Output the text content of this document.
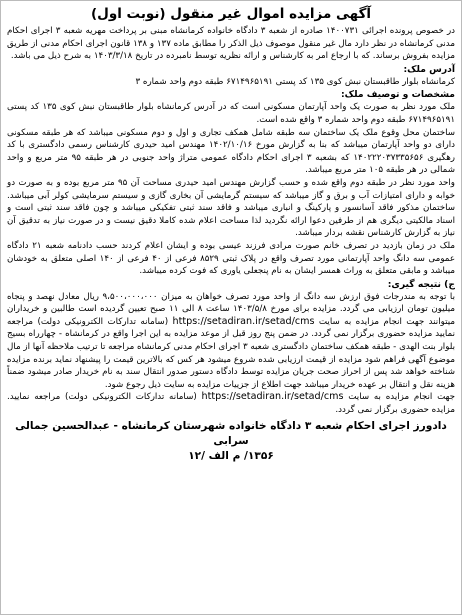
آگهی مزایده اموال غیر منقول (نوبت اول)

در خصوص پرونده اجرائی ۱۴۰۰۷۳۱ صادره از شعبه ۳ دادگاه خانواده کرمانشاه مبنی بر پرداخت مهریه شعبه ۳ اجرای احکام مدنی کرمانشاه در نظر دارد مال غیر منقول موصوف ذیل الذکر را مطابق ماده ۱۳۷ و ۱۳۸ قانون اجرای احکام مدنی از طریق مزایده بفروش برساند. که با ارجاع امر به کارشناس و ارائه نظریه توسط نامبرده در تاریخ ۱۴۰۳/۳/۱۸ به شرح ذیل می باشد.

آدرس ملک:

کرمانشاه بلوار طاقبستان نبش کوی ۱۳۵ کد پستی ۶۷۱۴۹۶۵۱۹۱ طبقه دوم واحد شماره ۳

مشخصات و توصیف ملک:

ملک مورد نظر به صورت یک واحد آپارتمان مسکونی است که در آدرس کرمانشاه بلوار طاقبستان نبش کوی ۱۳۵ کد پستی ۶۷۱۴۹۶۵۱۹۱ طبقه دوم واحد شماره ۳ واقع شده است.

ساختمان محل وقوع ملک یک ساختمان سه طبقه شامل همکف تجاری و اول و دوم مسکونی میباشد که هر طبقه مسکونی دارای دو واحد آپارتمان میباشد که بنا به گزارش مورخ ۱۴۰۲/۱۰/۱۶ مهندس امید حیدری کارشناس رسمی دادگستری با کد رهگیری ۱۴۰۲۲۲۰۳۷۳۳۵۶۵۶ که بشعبه ۳ اجرای احکام دادگاه عمومی متراژ واحد جنوبی در هر طبقه ۹۵ متر مربع و واحد شمالی در هر طبقه ۱۰۵ متر مربع میباشد.

واحد مورد نظر در طبقه دوم واقع شده و حسب گزارش مهندس امید حیدری مساحت آن ۹۵ متر مربع بوده و به صورت دو خوابه و دارای امتیازات آب و برق و گاز میباشد که سیستم گرمایشی آن بخاری گازی و سیستم سرمایشی کولر آبی میباشد. ساختمان مذکور فاقد آسانسور و پارکینگ و انباری میباشد و فاقد سند ثبتی تفکیکی میباشد و چون فاقد سند ثبتی است و اسناد مالکیتی دیگری هم از طرفین دعوا ارائه نگردید لذا مساحت اعلام شده کاملا دقیق نیست و در صورت نیاز به تدقیق آن نیاز به گزارش کارشناس نقشه بردار میباشد.

ملک در زمان بازدید در تصرف خانم صورت مرادی فرزند عیسی بوده و ایشان اعلام کردند حسب دادنامه شعبه ۲۱ دادگاه عمومی سه دانگ واحد آپارتمانی مورد تصرف واقع در پلاک ثبتی ۸۵۲۹ فرعی از ۴۰ فرعی از ۱۴۰ اصلی متعلق به خودشان میباشد و مابقی متعلق به وراث همسر ایشان به نام پنجعلی یاوری که فوت کرده میباشد.

ج) نتیجه گیری:

با توجه به مندرجات فوق ارزش سه دانگ از واحد مورد تصرف خواهان به میزان ۹،۵۰۰،۰۰۰،۰۰۰ ریال معادل نهصد و پنجاه میلیون تومان ارزیابی می گردد. مزایده برای مورخ ۱۴۰۳/۵/۸ ساعت ۸ الی ۱۱ صبح تعیین گردیده است طالبین و خریداران میتوانند جهت انجام مزایده به سایت https://setadiran.ir/setad/cms (سامانه تدارکات الکترونیکی دولت) مراجعه نمایید مزایده حضوری برگزار نمی گردد. در ضمن پنج روز قبل از موعد مزایده به این اجرا واقع در کرمانشاه - چهارراه بسیج بلوار بنت الهدی - طبقه همکف ساختمان دادگستری شعبه ۳ اجرای احکام مدنی کرمانشاه مراجعه تا ترتیب ملاحظه آنها از مال موضوع آگهی فراهم شود مزایده از قیمت ارزیابی شده شروع میشود هر کس که بالاترین قیمت را پیشنهاد نماید برنده مزایده شناخته خواهد شد پس از احراز صحت جریان مزایده توسط دادگاه دستور صدور انتقال سند به نام خریدار صادر میشود ضمناً هزینه نقل و انتقال بر عهده خریدار میباشد جهت اطلاع از جزییات مزایده به سایت ذیل رجوع شود.

جهت انجام مزایده به سایت https://setadiran.ir/setad/cms (سامانه تدارکات الکترونیکی دولت) مراجعه نمایید. مزایده حضوری برگزار نمی گردد.

دادورز اجرای احکام شعبه ۳ دادگاه خانواده شهرستان کرمانشاه - عبدالحسین جمالی سرابی
۱۳۵۶/ م الف /۱۲
